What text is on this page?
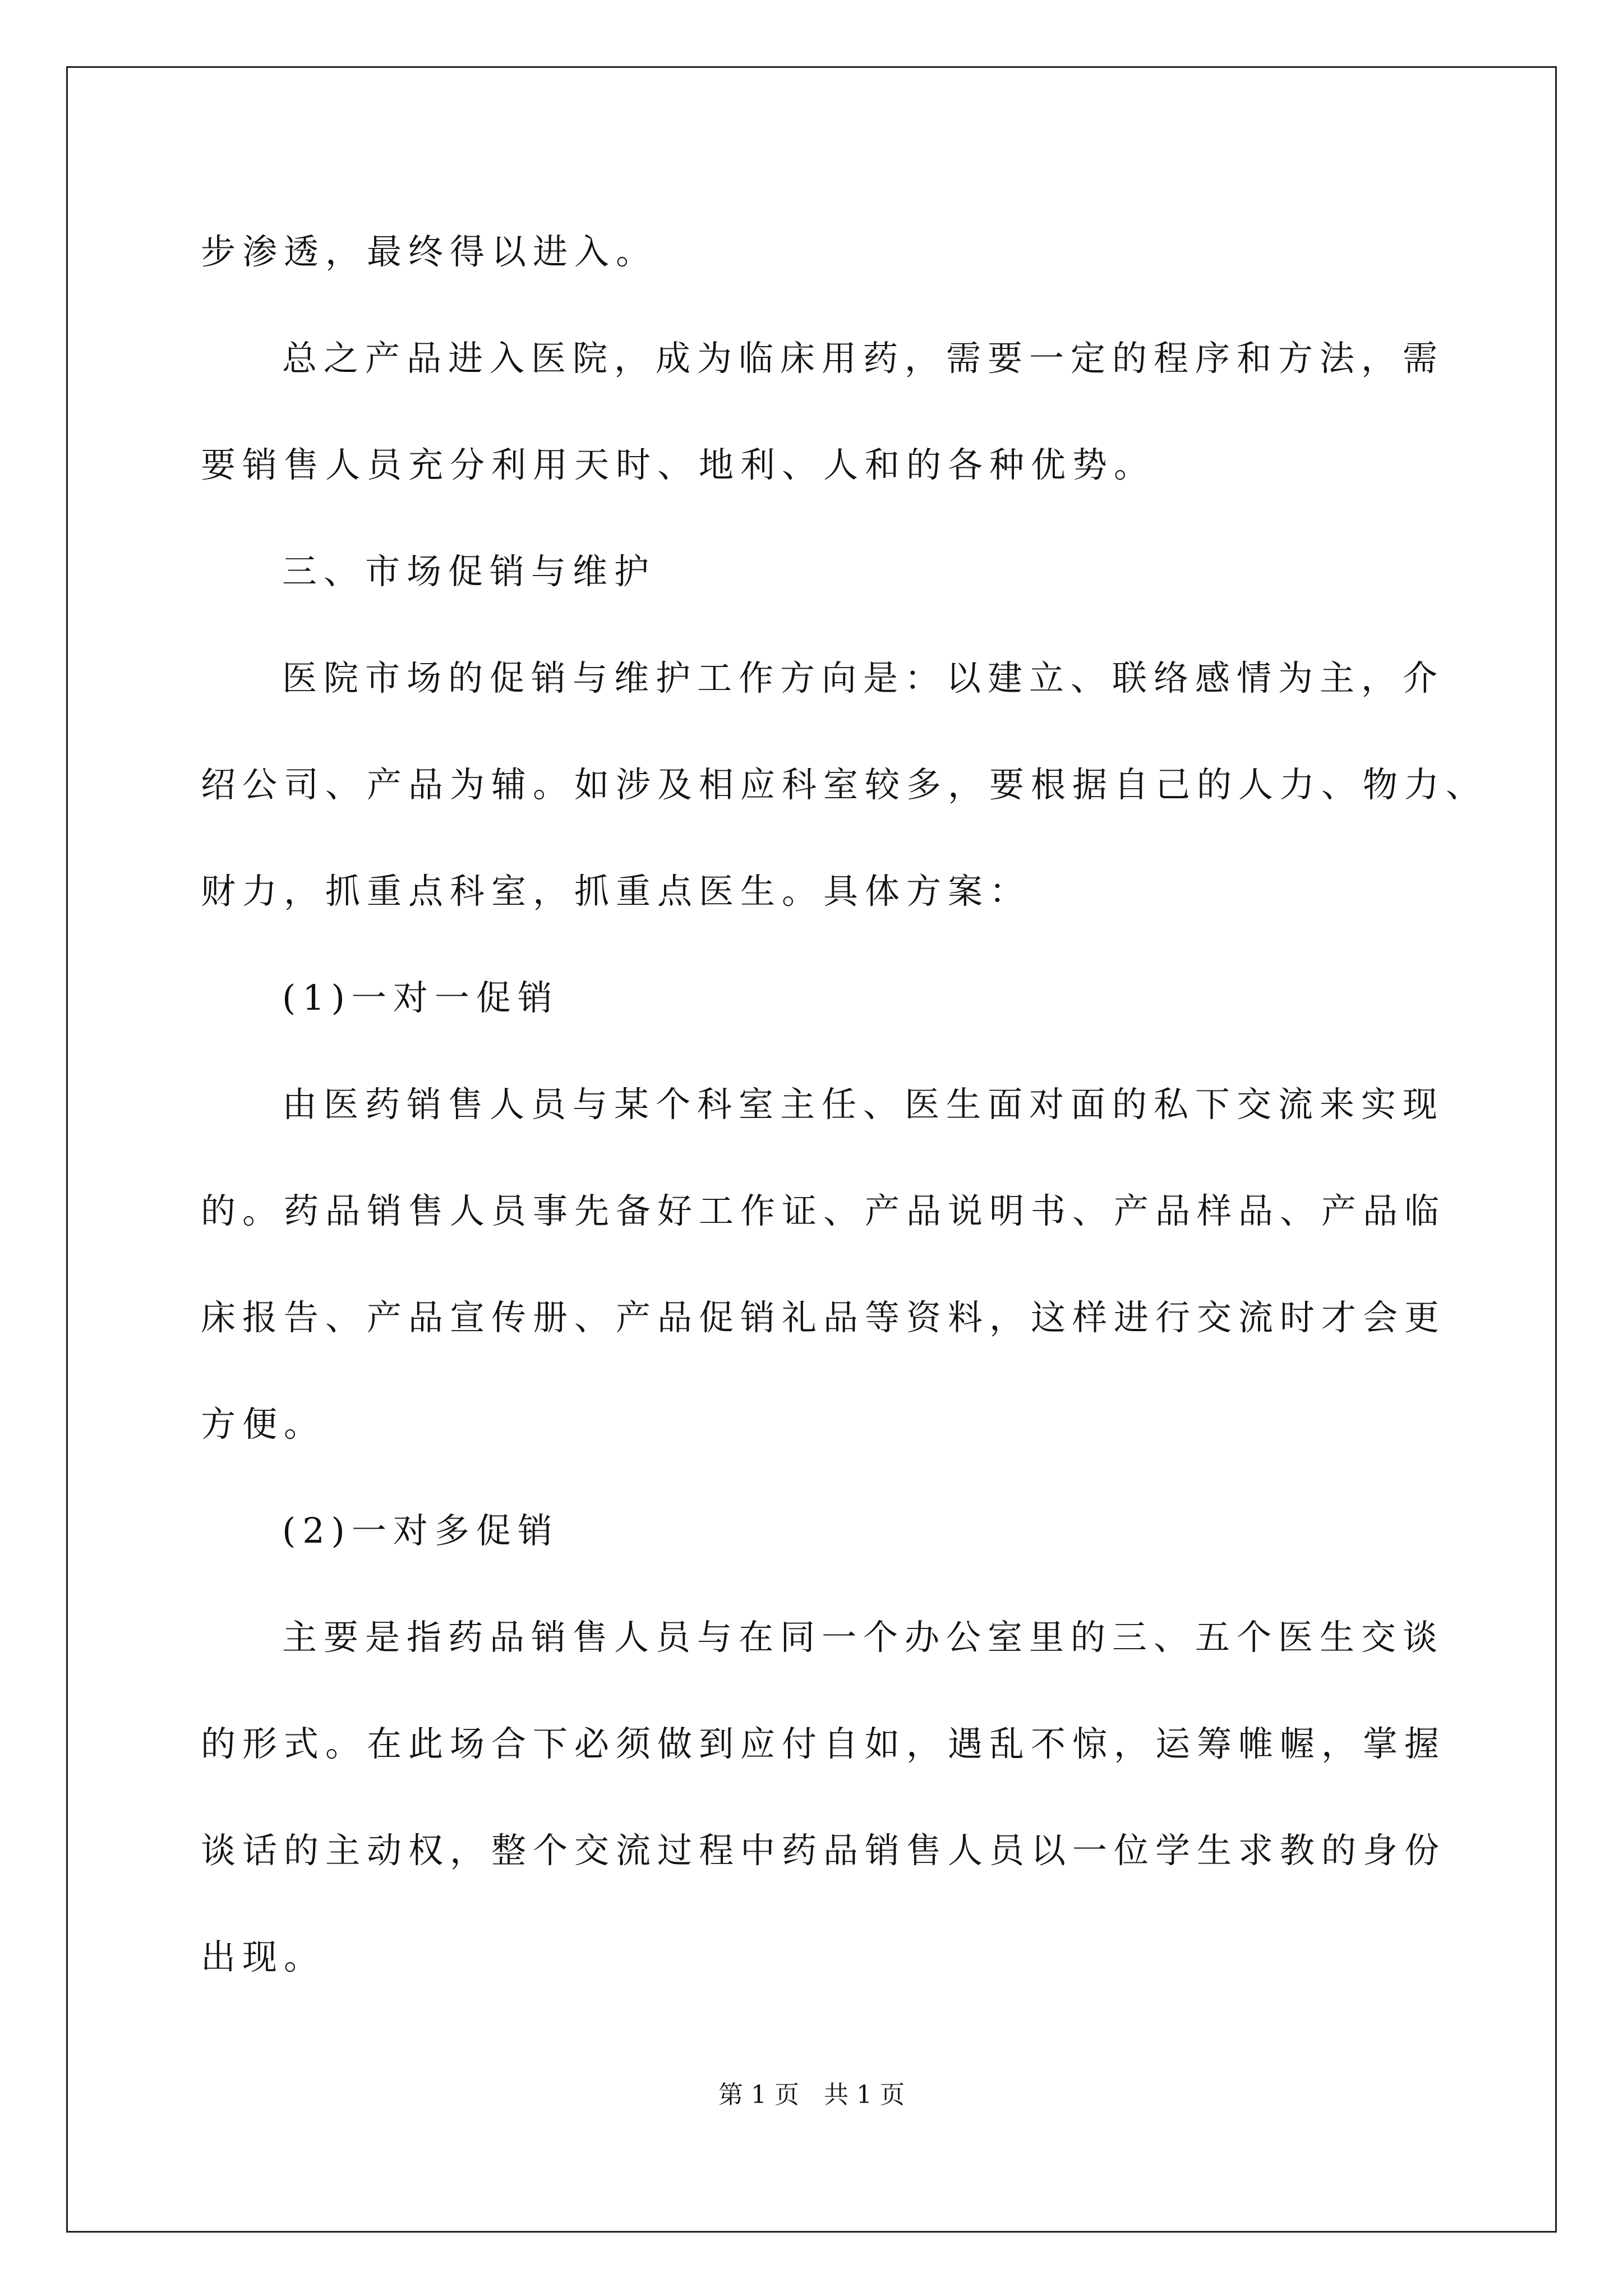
步渗透，最终得以进入。
总之产品进入医院，成为临床用药，需要一定的程序和方法，需
要销售人员充分利用天时、地利、人和的各种优势。
三、市场促销与维护
医院市场的促销与维护工作方向是：以建立、联络感情为主，介
绍公司、产品为辅。如涉及相应科室较多，要根据自己的人力、物力、
财力，抓重点科室，抓重点医生。具体方案：
(1)一对一促销
由医药销售人员与某个科室主任、医生面对面的私下交流来实现
的。药品销售人员事先备好工作证、产品说明书、产品样品、产品临
床报告、产品宣传册、产品促销礼品等资料，这样进行交流时才会更
方便。
(2)一对多促销
主要是指药品销售人员与在同一个办公室里的三、五个医生交谈
的形式。在此场合下必须做到应付自如，遇乱不惊，运筹帷幄，掌握
谈话的主动权，整个交流过程中药品销售人员以一位学生求教的身份
出现。
第 1 页　共 1 页
